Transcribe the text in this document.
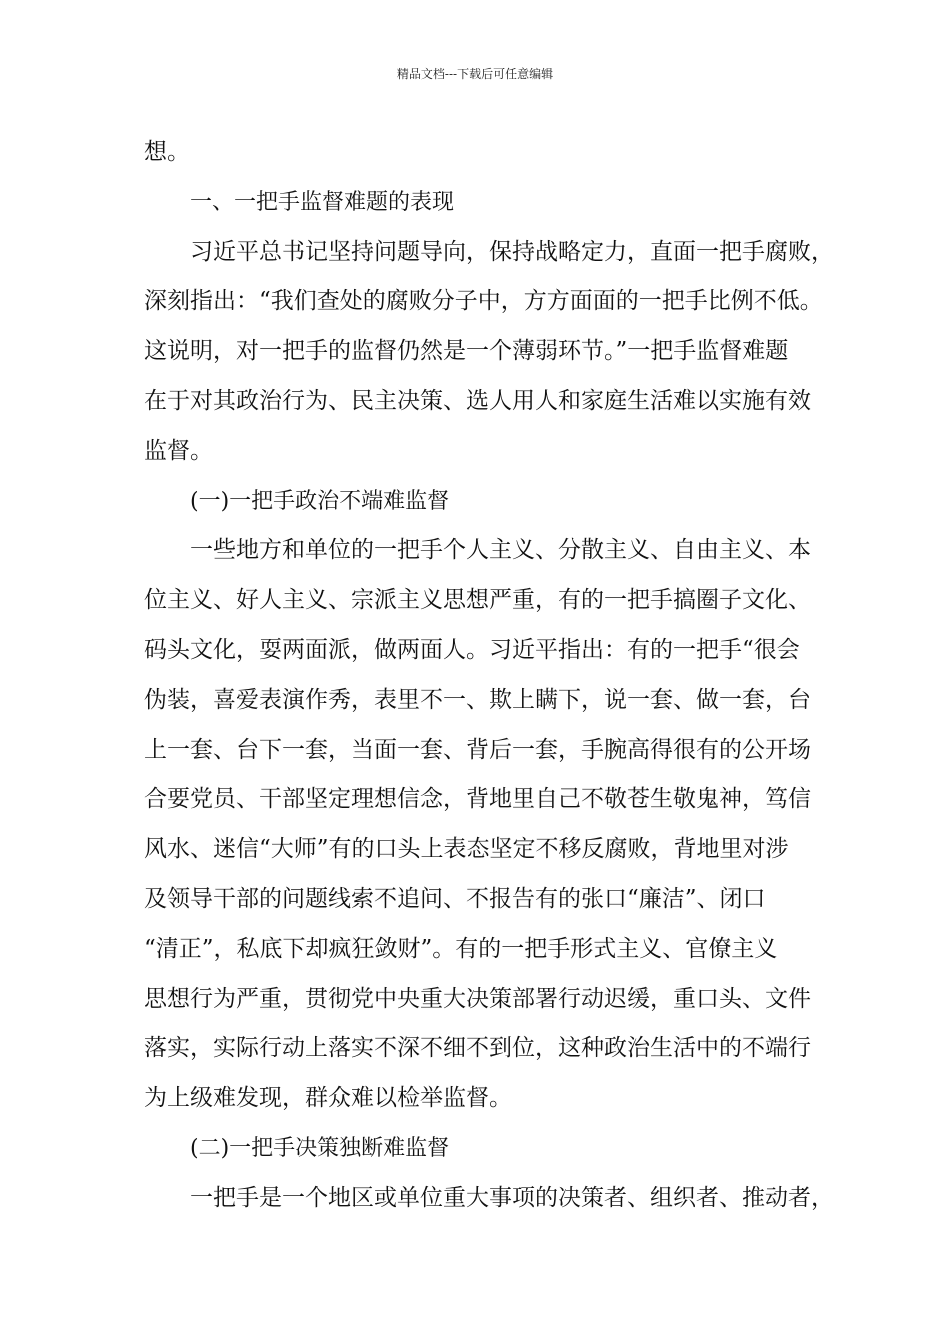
精品文档---下载后可任意编辑
想。
一、一把手监督难题的表现
习近平总书记坚持问题导向，保持战略定力，直面一把手腐败，
深刻指出：“我们查处的腐败分子中，方方面面的一把手比例不低。
这说明，对一把手的监督仍然是一个薄弱环节。”一把手监督难题
在于对其政治行为、民主决策、选人用人和家庭生活难以实施有效
监督。
(一)一把手政治不端难监督
一些地方和单位的一把手个人主义、分散主义、自由主义、本
位主义、好人主义、宗派主义思想严重，有的一把手搞圈子文化、
码头文化，耍两面派，做两面人。习近平指出：有的一把手“很会
伪装，喜爱表演作秀，表里不一、欺上瞒下，说一套、做一套，台
上一套、台下一套，当面一套、背后一套，手腕高得很有的公开场
合要党员、干部坚定理想信念，背地里自己不敬苍生敬鬼神，笃信
风水、迷信“大师”有的口头上表态坚定不移反腐败，背地里对涉
及领导干部的问题线索不追问、不报告有的张口“廉洁”、闭口
“清正”，私底下却疯狂敛财”。有的一把手形式主义、官僚主义
思想行为严重，贯彻党中央重大决策部署行动迟缓，重口头、文件
落实，实际行动上落实不深不细不到位，这种政治生活中的不端行
为上级难发现，群众难以检举监督。
(二)一把手决策独断难监督
一把手是一个地区或单位重大事项的决策者、组织者、推动者，
